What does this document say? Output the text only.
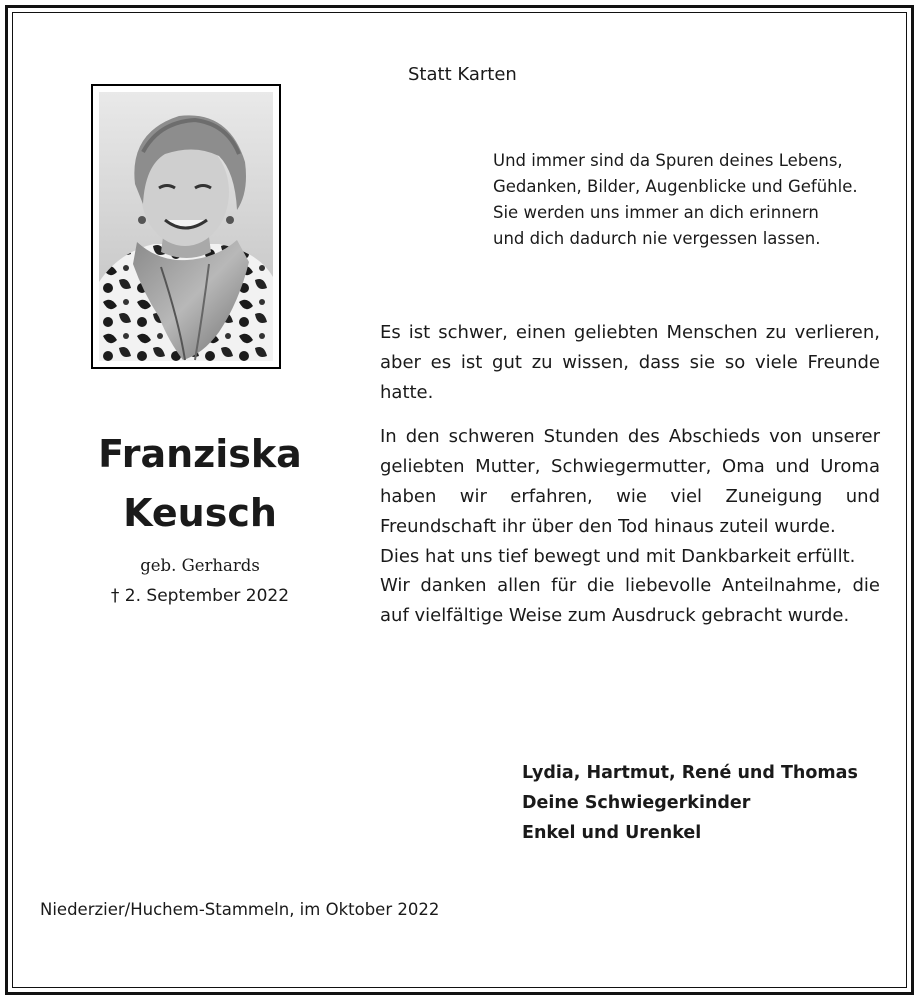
Statt Karten
Und immer sind da Spuren deines Lebens,
Gedanken, Bilder, Augenblicke und Gefühle.
Sie werden uns immer an dich erinnern
und dich dadurch nie vergessen lassen.
Franziska
Keusch
geb. Gerhards
† 2. September 2022

Es ist schwer, einen geliebten Menschen zu verlieren, aber es ist gut zu wissen, dass sie so viele Freunde hatte.

In den schweren Stunden des Abschieds von unserer geliebten Mutter, Schwiegermutter, Oma und Uroma haben wir erfahren, wie viel Zuneigung und Freundschaft ihr über den Tod hinaus zuteil wurde.

Dies hat uns tief bewegt und mit Dankbarkeit erfüllt.

Wir danken allen für die liebevolle Anteilnahme, die auf vielfältige Weise zum Ausdruck gebracht wurde.

Lydia, Hartmut, René und Thomas
Deine Schwiegerkinder
Enkel und Urenkel
Niederzier/Huchem-Stammeln, im Oktober 2022
